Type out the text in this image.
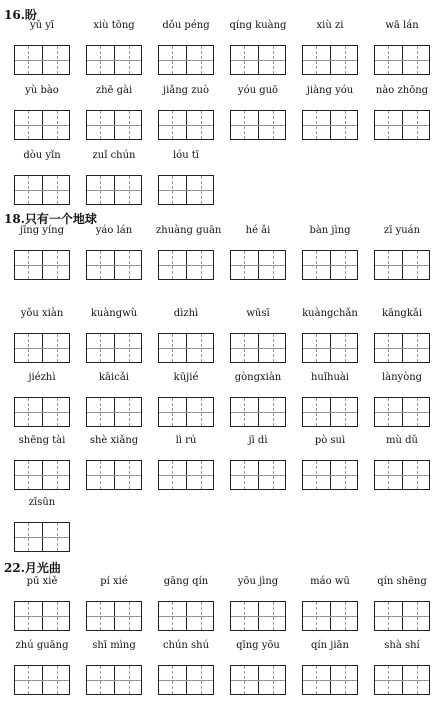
16.盼
yǔ yī	xiù tōng	dǒu péng	qíng kuàng	xiù zi	wā lán
yù bào	zhē gài	jiǎng zuò	yóu guō	jiàng yóu	nào zhōng
dòu yǐn	zuǐ chún	lóu tī
18.只有一个地球
jīng yíng	yáo lán	zhuàng guān	hé ǎi	bàn jìng	zī yuán
yǒu xiàn	kuàngwù	dìzhì	wūsī	kuàngchǎn	kāngkǎi
jiézhì	kāicǎi	kūjié	gòngxiàn	huǐhuài	lànyòng
shēng tài	shè xiǎng	lì rú	jī dì	pò suì	mù dǔ
zīsūn
22.月光曲
pū xiě	pí xié	gāng qín	yōu jìng	máo wū	qín shēng
zhú guāng	shī mìng	chún shú	qīng yōu	qín jiān	shà shí
